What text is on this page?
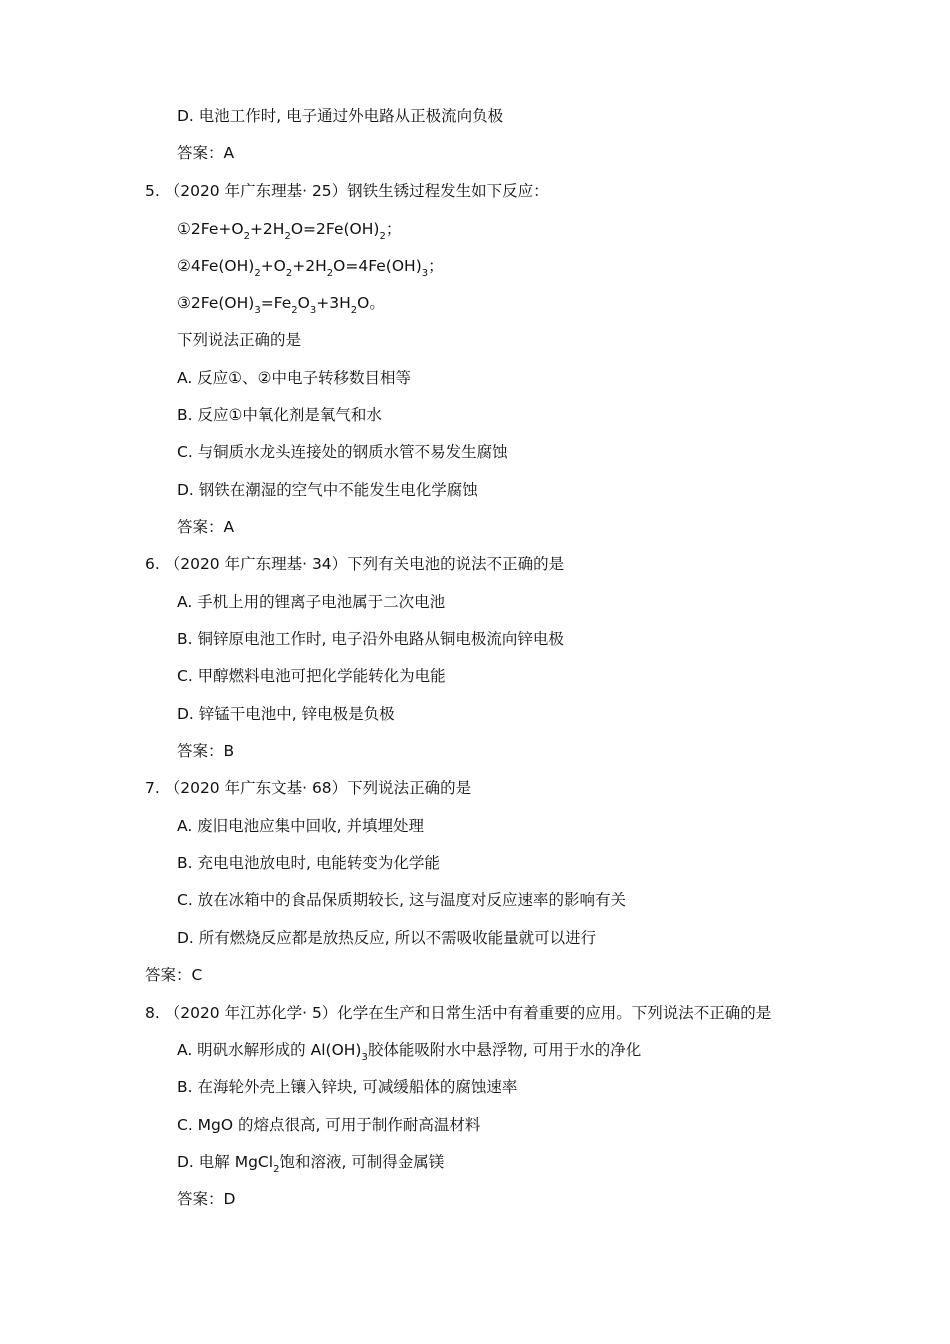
D. 电池工作时, 电子通过外电路从正极流向负极
答案：A
5. （2020 年广东理基· 25）钢铁生锈过程发生如下反应：
$①2Fe+O_2+2H_2O=2Fe(OH)_2$；
$②4Fe(OH)_2+O_2+2H_2O=4Fe(OH)_3$；
$③2Fe(OH)_3=Fe_2O_3+3H_2O$。
下列说法正确的是
A. 反应①、②中电子转移数目相等
B. 反应①中氧化剂是氧气和水
C. 与铜质水龙头连接处的钢质水管不易发生腐蚀
D. 钢铁在潮湿的空气中不能发生电化学腐蚀
答案：A
6. （2020 年广东理基· 34）下列有关电池的说法不正确的是
A. 手机上用的锂离子电池属于二次电池
B. 铜锌原电池工作时, 电子沿外电路从铜电极流向锌电极
C. 甲醇燃料电池可把化学能转化为电能
D. 锌锰干电池中, 锌电极是负极
答案：B
7. （2020 年广东文基· 68）下列说法正确的是
A. 废旧电池应集中回收, 并填埋处理
B. 充电电池放电时, 电能转变为化学能
C. 放在冰箱中的食品保质期较长, 这与温度对反应速率的影响有关
D. 所有燃烧反应都是放热反应, 所以不需吸收能量就可以进行
答案：C
8. （2020 年江苏化学· 5）化学在生产和日常生活中有着重要的应用。下列说法不正确的是
A. 明矾水解形成的 $Al(OH)_3$胶体能吸附水中悬浮物, 可用于水的净化
B. 在海轮外壳上镶入锌块, 可减缓船体的腐蚀速率
C. MgO 的熔点很高, 可用于制作耐高温材料
D. 电解 MgCl$_2$饱和溶液, 可制得金属镁
答案：D
